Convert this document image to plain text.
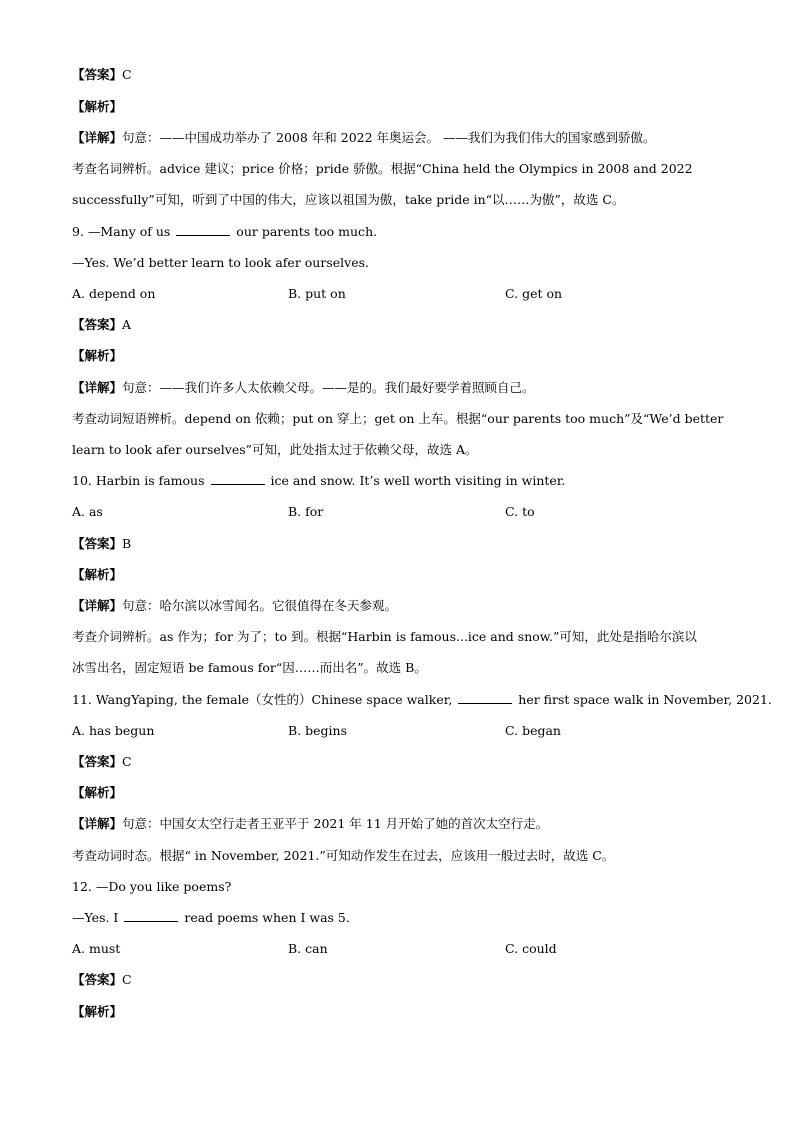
【答案】C
【解析】
【详解】句意：——中国成功举办了 2008 年和 2022 年奥运会。 ——我们为我们伟大的国家感到骄傲。
考查名词辨析。advice 建议；price 价格；pride 骄傲。根据“China held the Olympics in 2008 and 2022
successfully”可知，听到了中国的伟大，应该以祖国为傲，take pride in“以……为傲”，故选 C。
9. —Many of us	our parents too much.
—Yes. We’d better learn to look afer ourselves.
A. depend on	B. put on	C. get on
【答案】A
【解析】
【详解】句意：——我们许多人太依赖父母。——是的。我们最好要学着照顾自己。
考查动词短语辨析。depend on 依赖；put on 穿上；get on 上车。根据“our parents too much”及“We’d better
learn to look afer ourselves”可知，此处指太过于依赖父母，故选 A。
10. Harbin is famous	ice and snow. It’s well worth visiting in winter.
A. as	B. for	C. to
【答案】B
【解析】
【详解】句意：哈尔滨以冰雪闻名。它很值得在冬天参观。
考查介词辨析。as 作为；for 为了；to 到。根据“Harbin is famous...ice and snow.”可知，此处是指哈尔滨以
冰雪出名，固定短语 be famous for“因……而出名”。故选 B。
11. WangYaping, the female（女性的）Chinese space walker,	her first space walk in November, 2021.
A. has begun	B. begins	C. began
【答案】C
【解析】
【详解】句意：中国女太空行走者王亚平于 2021 年 11 月开始了她的首次太空行走。
考查动词时态。根据“ in November, 2021.”可知动作发生在过去，应该用一般过去时，故选 C。
12. —Do you like poems?
—Yes. I	read poems when I was 5.
A. must	B. can	C. could
【答案】C
【解析】
